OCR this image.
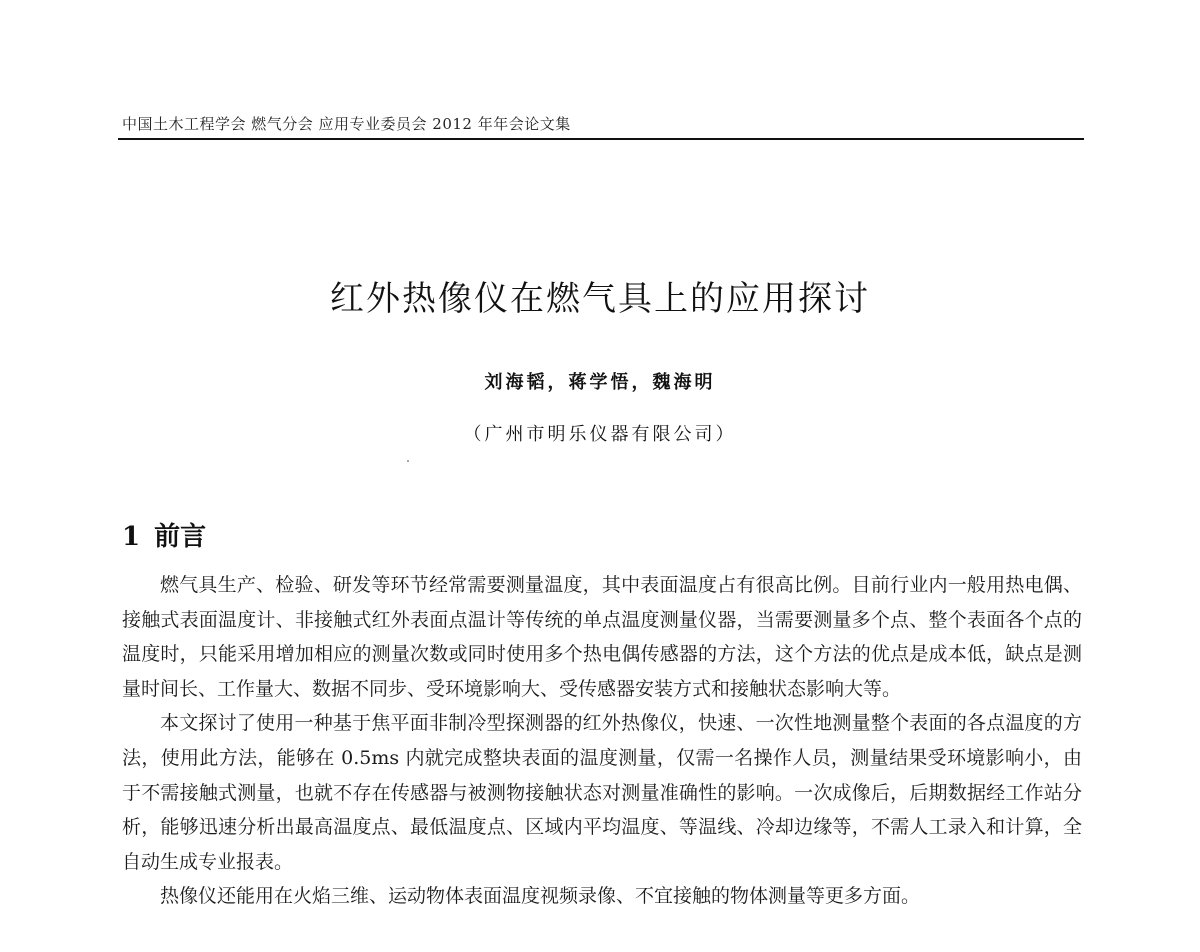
中国土木工程学会 燃气分会 应用专业委员会 2012 年年会论文集
红外热像仪在燃气具上的应用探讨
刘海韬，蒋学悟，魏海明
（广州市明乐仪器有限公司）
1 前言

燃气具生产、检验、研发等环节经常需要测量温度，其中表面温度占有很高比例。目前行业内一般用热电偶、接触式表面温度计、非接触式红外表面点温计等传统的单点温度测量仪器，当需要测量多个点、整个表面各个点的温度时，只能采用增加相应的测量次数或同时使用多个热电偶传感器的方法，这个方法的优点是成本低，缺点是测量时间长、工作量大、数据不同步、受环境影响大、受传感器安装方式和接触状态影响大等。

本文探讨了使用一种基于焦平面非制冷型探测器的红外热像仪，快速、一次性地测量整个表面的各点温度的方法，使用此方法，能够在 0.5ms 内就完成整块表面的温度测量，仅需一名操作人员，测量结果受环境影响小，由于不需接触式测量，也就不存在传感器与被测物接触状态对测量准确性的影响。一次成像后，后期数据经工作站分析，能够迅速分析出最高温度点、最低温度点、区域内平均温度、等温线、冷却边缘等，不需人工录入和计算，全自动生成专业报表。

热像仪还能用在火焰三维、运动物体表面温度视频录像、不宜接触的物体测量等更多方面。
